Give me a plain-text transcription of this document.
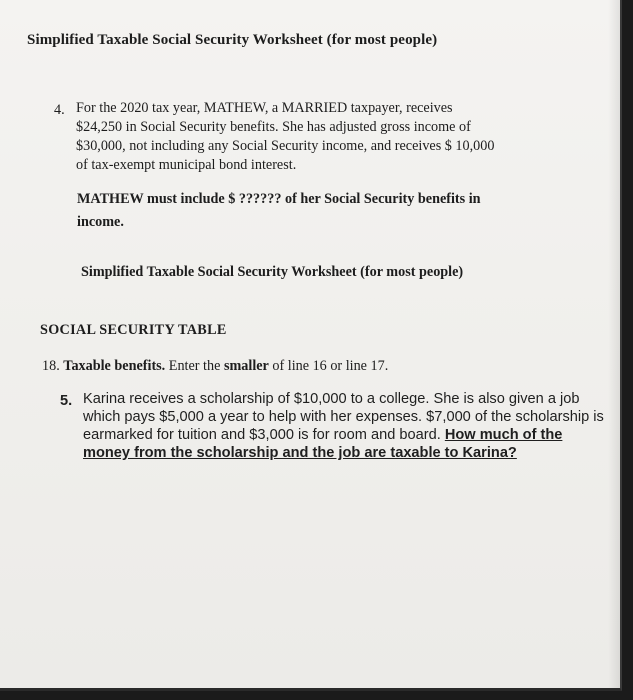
Simplified Taxable Social Security Worksheet (for most people)
4. For the 2020 tax year, MATHEW, a MARRIED taxpayer, receives
$24,250 in Social Security benefits. She has adjusted gross income of
$30,000, not including any Social Security income, and receives $ 10,000
of tax-exempt municipal bond interest.
MATHEW must include $ ?????? of her Social Security benefits in
income.
Simplified Taxable Social Security Worksheet (for most people)
SOCIAL SECURITY TABLE
18. Taxable benefits. Enter the smaller of line 16 or line 17.
5. Karina receives a scholarship of $10,000 to a college. She is also given a job
which pays $5,000 a year to help with her expenses. $7,000 of the scholarship is
earmarked for tuition and $3,000 is for room and board. How much of the
money from the scholarship and the job are taxable to Karina?
